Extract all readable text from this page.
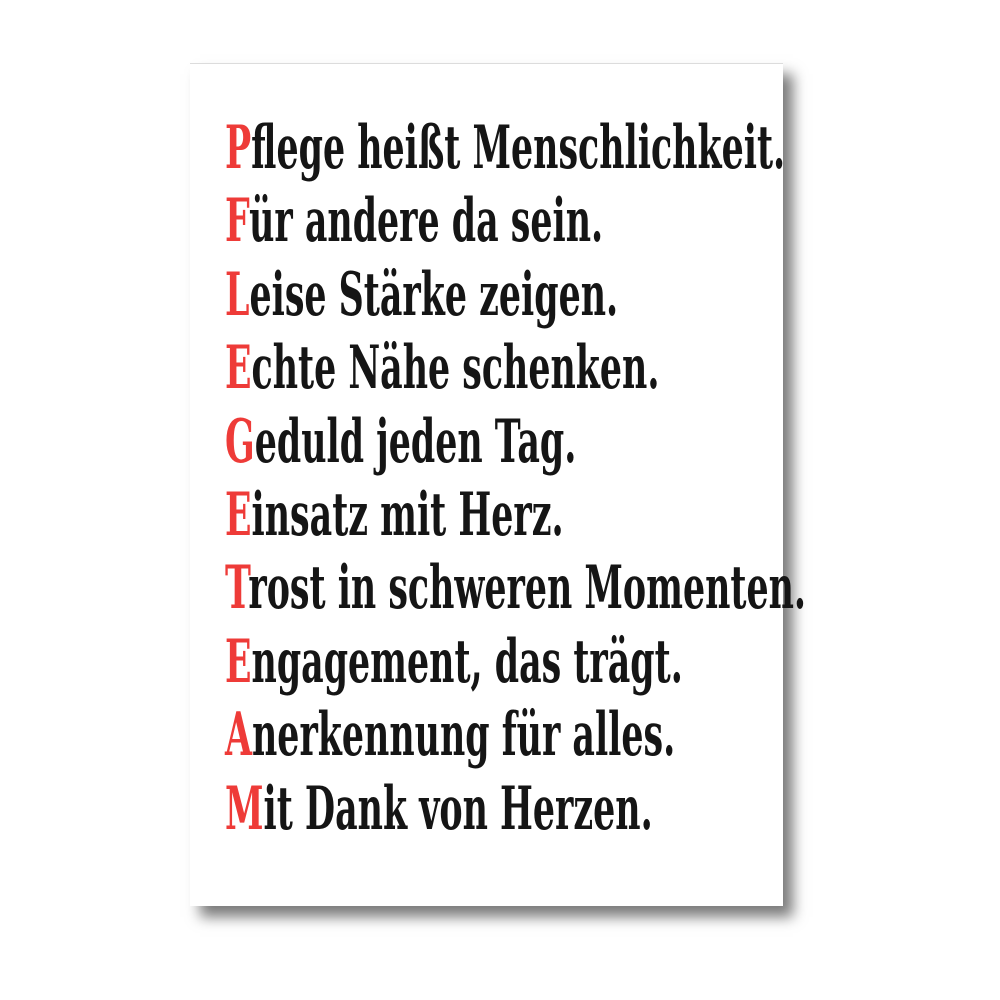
Pflege heißt Menschlichkeit.
Für andere da sein.
Leise Stärke zeigen.
Echte Nähe schenken.
Geduld jeden Tag.
Einsatz mit Herz.
Trost in schweren Momenten.
Engagement, das trägt.
Anerkennung für alles.
Mit Dank von Herzen.
